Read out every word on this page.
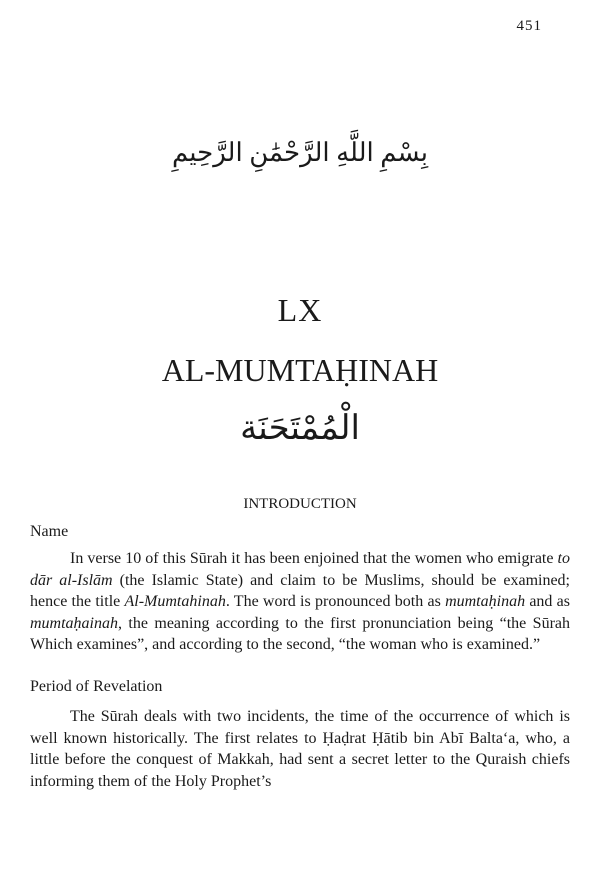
451
بِسْمِ اللَّهِ الرَّحْمَٰنِ الرَّحِيمِ
LX
AL-MUMTAḤINAH
الْمُمْتَحَنَة
INTRODUCTION
Name

In verse 10 of this Sūrah it has been enjoined that the women who emigrate to dār al-Islām (the Islamic State) and claim to be Muslims, should be examined; hence the title Al-Mumtahinah. The word is pronounced both as mumtaḥinah and as mumtaḥainah, the meaning according to the first pronunciation being “the Sūrah Which examines”, and according to the second, “the woman who is examined.”

Period of Revelation

The Sūrah deals with two incidents, the time of the occurrence of which is well known historically. The first relates to Ḥaḍrat Ḥātib bin Abī Balta‘a, who, a little before the conquest of Makkah, had sent a secret letter to the Quraish chiefs informing them of the Holy Prophet’s
